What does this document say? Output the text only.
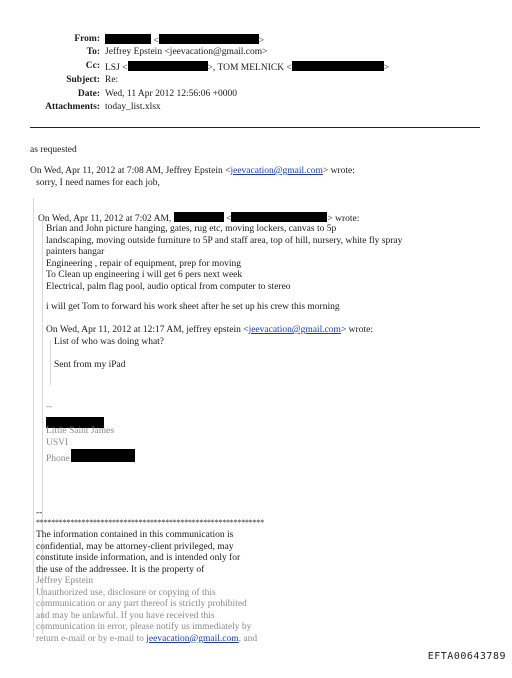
From:	<	>
To: Jeffrey Epstein <jeevacation@gmail.com>
Cc: LSJ <	>, TOM MELNICK <	>
Subject: Re:
Date: Wed, 11 Apr 2012 12:56:06 +0000
Attachments: today_list.xlsx
as requested
On Wed, Apr 11, 2012 at 7:08 AM, Jeffrey Epstein <jeevacation@gmail.com> wrote:
sorry, I need names for each job,
On Wed, Apr 11, 2012 at 7:02 AM,	<	> wrote:
Brian and John picture hanging, gates, rug etc, moving lockers, canvas to 5p
landscaping, moving outside furniture to 5P and staff area, top of hill, nursery, white fly spray
painters hangar
Engineering , repair of equipment, prep for moving
To Clean up engineering i will get 6 pers next week
Electrical, palm flag pool, audio optical from computer to stereo
i will get Tom to forward his work sheet after he set up his crew this morning
On Wed, Apr 11, 2012 at 12:17 AM, jeffrey epstein <jeevacation@gmail.com> wrote:
List of who was doing what?
Sent from my iPad
--
Little Saint James
USVI
Phone
--
************************************************************
The information contained in this communication is
confidential, may be attorney-client privileged, may
constitute inside information, and is intended only for
the use of the addressee. It is the property of
Jeffrey Epstein
Unauthorized use, disclosure or copying of this
communication or any part thereof is strictly prohibited
and may be unlawful. If you have received this
communication in error, please notify us immediately by
return e-mail or by e-mail to jeevacation@gmail.com, and
EFTA00643789
